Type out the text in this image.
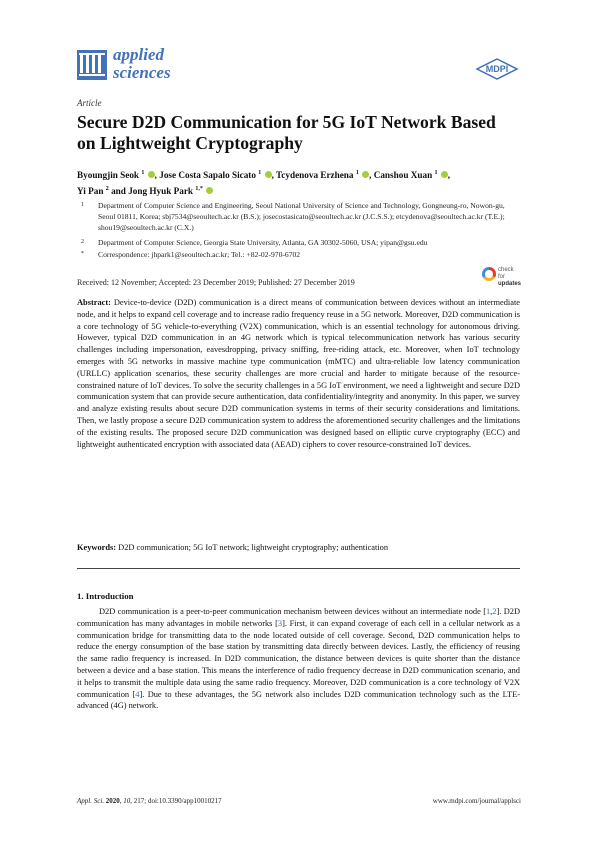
applied
sciences	MDPI
Article
Secure D2D Communication for 5G IoT Network Based on Lightweight Cryptography
Byoungjin Seok $^1$ , Jose Costa Sapalo Sicato $^1$ , Tcydenova Erzhena $^1$ , Canshou Xuan $^1$ ,
Yi Pan $^2$ and Jong Hyuk Park $^{1,*}$
1 Department of Computer Science and Engineering, Seoul National University of Science and Technology, Gongneung-ro, Nowon-gu, Seoul 01811, Korea; sbj7534@seoultech.ac.kr (B.S.); josecostasicato@seoultech.ac.kr (J.C.S.S.); etcydenova@seoultech.ac.kr (T.E.); shou19@seoultech.ac.kr (C.X.)
2 Department of Computer Science, Georgia State University, Atlanta, GA 30302-5060, USA; yipan@gsu.edu
* Correspondence: jhpark1@seoultech.ac.kr; Tel.: +82-02-970-6702
check for
updates
Received: 12 November; Accepted: 23 December 2019; Published: 27 December 2019
Abstract: Device-to-device (D2D) communication is a direct means of communication between devices without an intermediate node, and it helps to expand cell coverage and to increase radio frequency reuse in a 5G network. Moreover, D2D communication is a core technology of 5G vehicle-to-everything (V2X) communication, which is an essential technology for autonomous driving. However, typical D2D communication in an 4G network which is typical telecommunication network has various security challenges including impersonation, eavesdropping, privacy sniffing, free-riding attack, etc. Moreover, when IoT technology emerges with 5G networks in massive machine type communication (mMTC) and ultra-reliable low latency communication (URLLC) application scenarios, these security challenges are more crucial and harder to mitigate because of the resource-constrained nature of IoT devices. To solve the security challenges in a 5G IoT environment, we need a lightweight and secure D2D communication system that can provide secure authentication, data confidentiality/integrity and anonymity. In this paper, we survey and analyze existing results about secure D2D communication systems in terms of their security considerations and limitations. Then, we lastly propose a secure D2D communication system to address the aforementioned security challenges and the limitations of the existing results. The proposed secure D2D communication was designed based on elliptic curve cryptography (ECC) and lightweight authenticated encryption with associated data (AEAD) ciphers to cover resource-constrained IoT devices.
Keywords: D2D communication; 5G IoT network; lightweight cryptography; authentication
1. Introduction
D2D communication is a peer-to-peer communication mechanism between devices without an intermediate node [1,2]. D2D communication has many advantages in mobile networks [3]. First, it can expand coverage of each cell in a cellular network as a communication bridge for transmitting data to the node located outside of cell coverage. Second, D2D communication helps to reduce the energy consumption of the base station by transmitting data directly between devices. Lastly, the efficiency of reusing the same radio frequency is increased. In D2D communication, the distance between devices is quite shorter than the distance between a device and a base station. This means the interference of radio frequency decrease in D2D communication scenario, and it helps to transmit the multiple data using the same radio frequency. Moreover, D2D communication is a core technology of V2X communication [4]. Due to these advantages, the 5G network also includes D2D communication technology such as the LTE-advanced (4G) network.
Appl. Sci. 2020, 10, 217; doi:10.3390/app10010217	www.mdpi.com/journal/applsci
